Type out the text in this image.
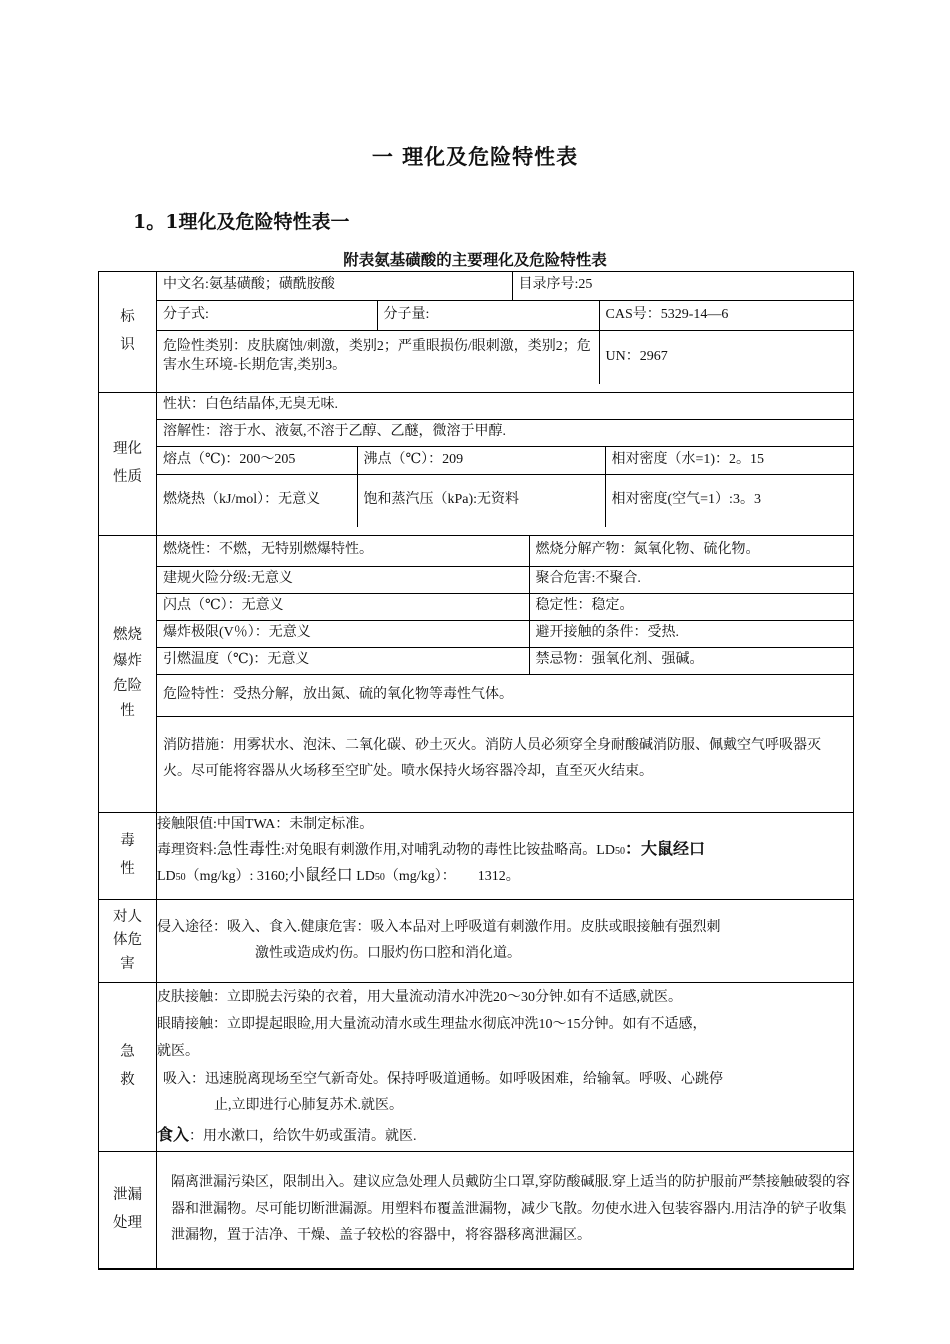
一 理化及危险特性表
1。1理化及危险特性表一
附表氨基磺酸的主要理化及危险特性表
标识

中文名:氨基磺酸；磺酰胺酸	目录序号:25
分子式:	分子量:	CAS号：5329-14—6
危险性类别：皮肤腐蚀/刺激，类别2；严重眼损伤/眼刺激，类别2；危害水生环境-长期危害,类别3。	UN：2967

理化性质

性状：白色结晶体,无臭无味.
溶解性：溶于水、液氨,不溶于乙醇、乙醚，微溶于甲醇.
熔点（℃)：200～205	沸点（℃）：209	相对密度（水=1)：2。15
燃烧热（kJ/mol）：无意义	饱和蒸汽压（kPa):无资料	相对密度(空气=1）:3。3

燃烧爆炸危险性

燃烧性：不燃，无特别燃爆特性。	燃烧分解产物：氮氧化物、硫化物。
建规火险分级:无意义	聚合危害:不聚合.
闪点（℃）：无意义	稳定性：稳定。
爆炸极限(V％）：无意义	避开接触的条件：受热.
引燃温度（℃)：无意义	禁忌物：强氧化剂、强碱。
危险特性：受热分解，放出氮、硫的氧化物等毒性气体。
消防措施：用雾状水、泡沫、二氧化碳、砂土灭火。消防人员必须穿全身耐酸碱消防服、佩戴空气呼吸器灭火。尽可能将容器从火场移至空旷处。喷水保持火场容器冷却，直至灭火结束。

毒性

接触限值:中国TWA：未制定标准。

毒理资料:急性毒性:对兔眼有刺激作用,对哺乳动物的毒性比铵盐略高。LD50：大鼠经口

LD50（mg/kg）: 3160;小鼠经口 LD50（mg/kg）： 1312。

对人体危害

侵入途径：吸入、食入.健康危害：吸入本品对上呼吸道有刺激作用。皮肤或眼接触有强烈刺

激性或造成灼伤。口服灼伤口腔和消化道。

急救

皮肤接触：立即脱去污染的衣着，用大量流动清水冲洗20～30分钟.如有不适感,就医。

眼睛接触：立即提起眼睑,用大量流动清水或生理盐水彻底冲洗10～15分钟。如有不适感，

就医。

吸入：迅速脱离现场至空气新奇处。保持呼吸道通畅。如呼吸困难，给输氧。呼吸、心跳停

止,立即进行心肺复苏术.就医。

食入：用水漱口，给饮牛奶或蛋清。就医.

泄漏处理
	隔离泄漏污染区，限制出入。建议应急处理人员戴防尘口罩,穿防酸碱服.穿上适当的防护服前严禁接触破裂的容器和泄漏物。尽可能切断泄漏源。用塑料布覆盖泄漏物，减少飞散。勿使水进入包装容器内.用洁净的铲子收集泄漏物，置于洁净、干燥、盖子较松的容器中，将容器移离泄漏区。
